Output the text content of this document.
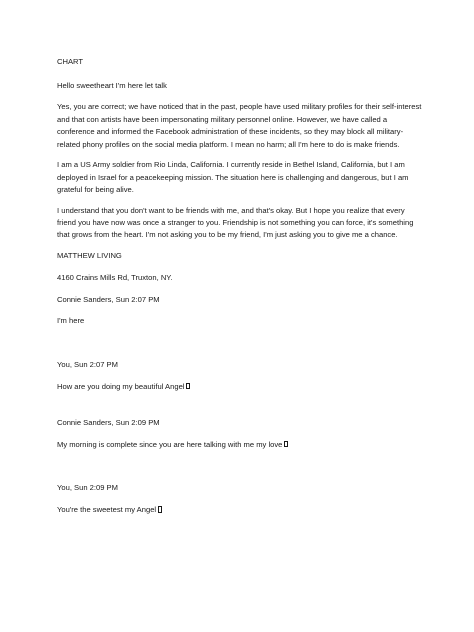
CHART

Hello sweetheart I'm here let talk

Yes, you are correct; we have noticed that in the past, people have used military profiles for their self-interest and that con artists have been impersonating military personnel online. However, we have called a conference and informed the Facebook administration of these incidents, so they may block all military-related phony profiles on the social media platform. I mean no harm; all I'm here to do is make friends.

I am a US Army soldier from Rio Linda, California. I currently reside in Bethel Island, California, but I am deployed in Israel for a peacekeeping mission. The situation here is challenging and dangerous, but I am grateful for being alive.

I understand that you don't want to be friends with me, and that's okay. But I hope you realize that every friend you have now was once a stranger to you. Friendship is not something you can force, it's something that grows from the heart. I'm not asking you to be my friend, I'm just asking you to give me a chance.

MATTHEW LIVING

4160 Crains Mills Rd, Truxton, NY.

Connie Sanders, Sun 2:07 PM

I'm here

You, Sun 2:07 PM

How are you doing my beautiful Angel

Connie Sanders, Sun 2:09 PM

My morning is complete since you are here talking with me my love

You, Sun 2:09 PM

You're the sweetest my Angel
